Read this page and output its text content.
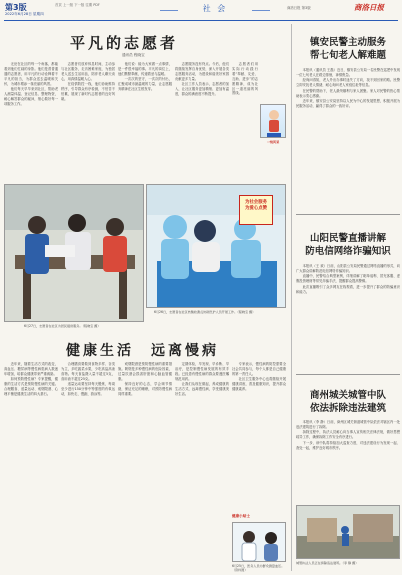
第3版
2022年6月28日 星期四
首页 上一版 下一版 往期 PDF	社 会	商洛日报 第3版	商洛日报
平凡的志愿者
通讯员 程晓宝

无论在社区的每一个角落，都能看到他们忙碌的身影。他们是普普通通的志愿者，用平凡的行动诠释着不平凡的担当，为群众送去温暖和关怀，为城市增添一抹亮丽的风景。

他们每天早早来到社区，帮助老人测量体温、登记信息、整理物资，耐心解答群众的疑问，细心做好每一项服务工作。

志愿者们放弃休息时间，主动参与社区服务，走访困难家庭，为独居老人送去生活用品，陪伴老人聊天谈心，用真情温暖人心。

在疫情防控一线，他们协助维持秩序，引导群众有序检测，不怕苦不怕累，展现了新时代志愿者的良好风貌。

他们说：能为大家做一点事情，是一件很幸福的事。平凡的岗位上，他们默默奉献，传递着爱与温暖。

一次次的坚守，一次次的付出，汇聚成城市最温暖的力量，让志愿服务精神在社区生根发芽。

志愿服务没有终点。今后，他们将继续发挥自身优势，深入开展各类志愿服务活动，为建设和谐美好家园贡献更多力量。

社区工作人员表示，志愿者的加入，让社区服务更加精细、更加有温度，群众的满意度不断提升。

志愿者们用实际行动践行着“奉献、友爱、互助、进步”的志愿精神，成为社区一道亮丽的风景线。

一线风采
为社会服务
为爱心点赞
6月27日，志愿者在社区为居民提供服务。（程晓宝 摄）
6月26日，志愿者在社区核酸检测点协助医护人员开展工作。（程晓宝 摄）
健康生活　远离慢病

近年来，随着生活方式的改变，高血压、糖尿病等慢性病患病人数逐年增加，给群众健康带来严重威胁。

如何预防慢性病？专家提醒，健康的生活方式是预防慢性病的关键。合理膳食、适量运动、戒烟限酒、心理平衡是健康生活的四大基石。

合理膳食要做到食物多样、谷类为主，多吃蔬菜水果，少吃高盐高油食物。每天食盐摄入量不超过5克，食用油不超过25克。

适量运动要坚持每天锻炼，每周至少进行150分钟中等强度的有氧运动，如快走、慢跑、游泳等。

戒烟限酒是预防慢性病的重要措施。吸烟是多种慢性病的危险因素，过量饮酒会损害肝脏和心脑血管健康。

保持良好的心态，学会调节情绪，保证充足的睡眠，对预防慢性病同样重要。

定期体检，早发现、早诊断、早治疗，是控制慢性病发展的有效手段。已经患有慢性病的群众要遵医嘱规范用药。

让我们从现在做起，养成健康的生活方式，远离慢性病，享受健康美好生活。

专家表示，慢性病的防控需要全社会共同参与，每个人都是自己健康的第一责任人。

社区卫生服务中心也将继续开展健康讲座，普及健康知识，提升群众健康素养。

健康小贴士
6月25日，医务人员为群众测量血压。（资料图）
镇安民警主动服务
帮七旬老人解难题

本报讯（通讯员 王磊）近日，镇安县公安局一名民警在巡逻中发现一位七旬老人在路边徘徊，神情焦急。

经询问得知，老人外出办事时迷失了方向，找不到回家的路。民警立即安抚老人情绪，耐心询问老人家庭住址等信息。

在民警的帮助下，老人最终顺利与家人团聚。家人对民警的热心帮助表示衷心感谢。

近年来，镇安县公安局坚持以人民为中心的发展思想，积极开展为民服务活动，赢得了群众的一致好评。

山阳民警直播讲解
防电信网络诈骗知识

本报讯（王 欢）日前，山阳县公安局民警通过网络直播的形式，向广大群众讲解防范电信网络诈骗知识。

直播中，民警结合典型案例，详细讲解了刷单返利、冒充客服、虚假投资理财等常见诈骗手法，提醒群众提高警惕。

此次直播吸引了众多网友在线观看，进一步提升了群众的防骗意识和能力。

商州城关城管中队
依法拆除违法建筑

本报讯（李 静）日前，商州区城关街道城管中队依法对辖区内一处违法建筑进行了拆除。

拆除过程中，执法人员耐心向当事人宣传相关法律法规，做好思想疏导工作，确保拆除工作安全有序进行。

下一步，该中队将持续加大巡查力度，对违法建设行为发现一起、查处一起，维护良好城市秩序。

城管执法人员正在拆除违法建筑。（李 静 摄）
